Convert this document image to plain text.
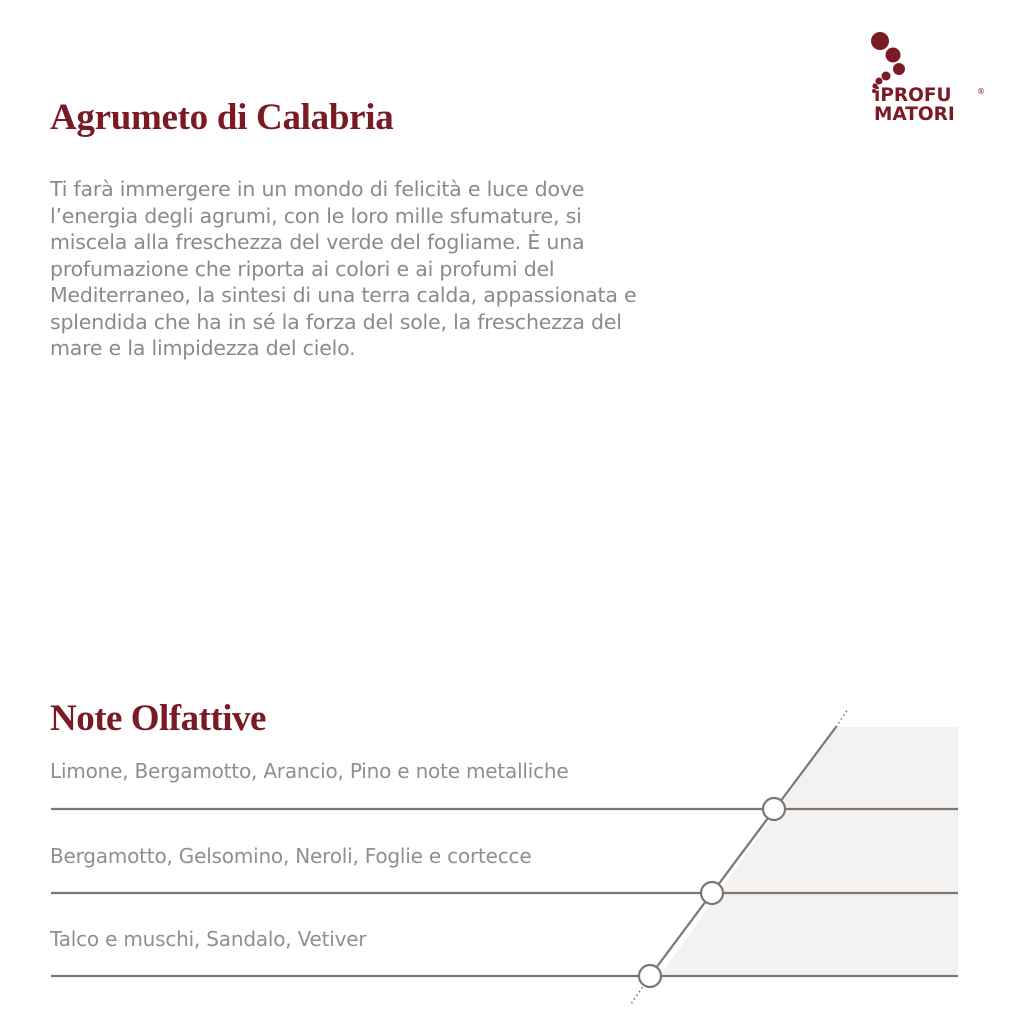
iPROFU
MATORI
®
Agrumeto di Calabria
Ti farà immergere in un mondo di felicità e luce dove
l’energia degli agrumi, con le loro mille sfumature, si
miscela alla freschezza del verde del fogliame. È una
profumazione che riporta ai colori e ai profumi del
Mediterraneo, la sintesi di una terra calda, appassionata e
splendida che ha in sé la forza del sole, la freschezza del
mare e la limpidezza del cielo.
Note Olfattive

Limone, Bergamotto, Arancio, Pino e note metalliche

Bergamotto, Gelsomino, Neroli, Foglie e cortecce

Talco e muschi, Sandalo, Vetiver
